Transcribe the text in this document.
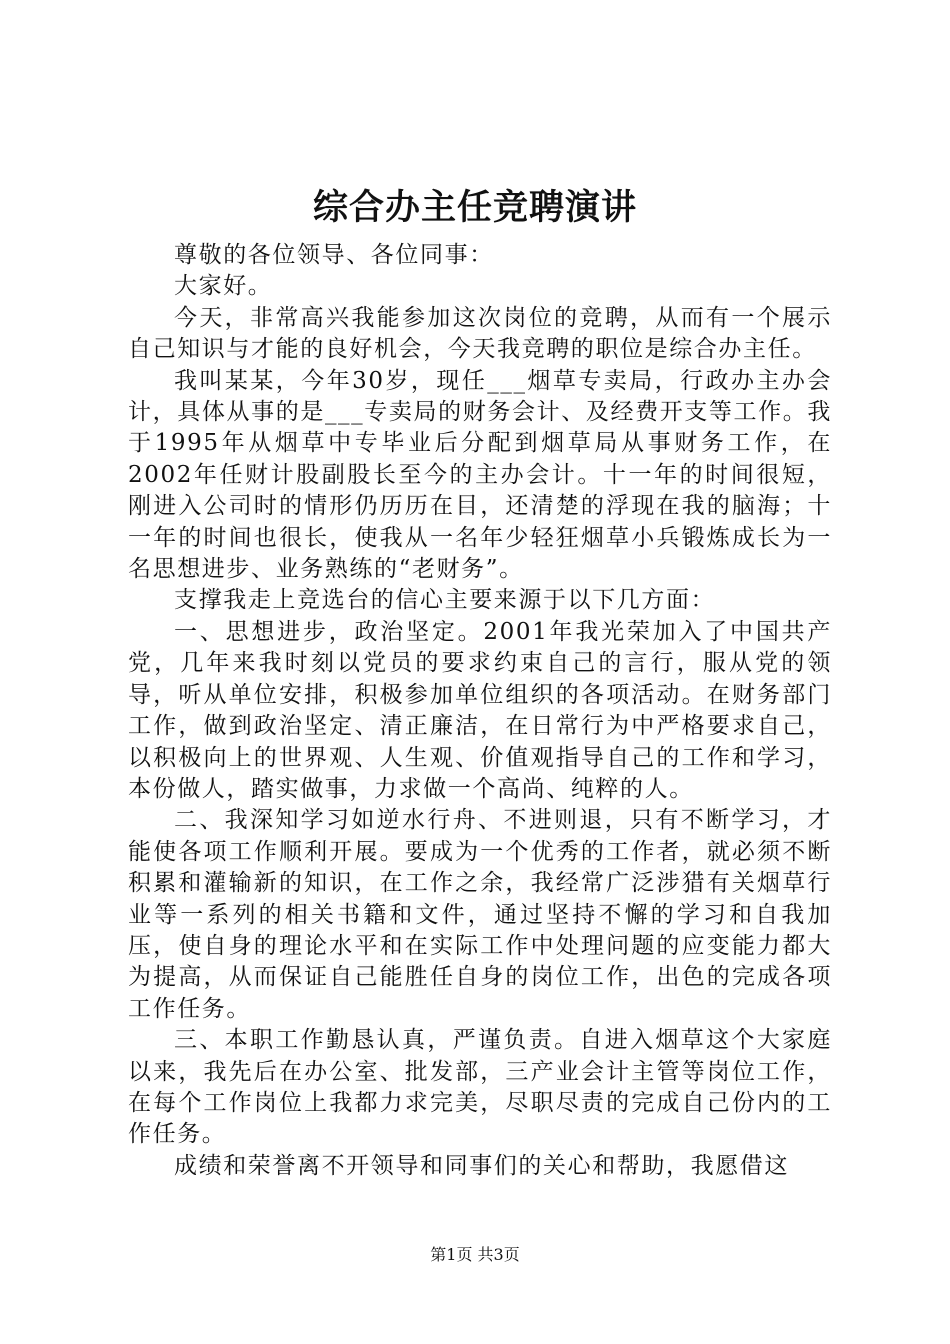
综合办主任竞聘演讲

尊敬的各位领导、各位同事：

大家好。

今天，非常高兴我能参加这次岗位的竞聘，从而有一个展示自己知识与才能的良好机会，今天我竞聘的职位是综合办主任。

我叫某某，今年30岁，现任___烟草专卖局，行政办主办会计，具体从事的是___专卖局的财务会计、及经费开支等工作。我于1995年从烟草中专毕业后分配到烟草局从事财务工作，在2002年任财计股副股长至今的主办会计。十一年的时间很短，刚进入公司时的情形仍历历在目，还清楚的浮现在我的脑海；十一年的时间也很长，使我从一名年少轻狂烟草小兵锻炼成长为一名思想进步、业务熟练的“老财务”。

支撑我走上竞选台的信心主要来源于以下几方面：

一、思想进步，政治坚定。2001年我光荣加入了中国共产党，几年来我时刻以党员的要求约束自己的言行，服从党的领导，听从单位安排，积极参加单位组织的各项活动。在财务部门工作，做到政治坚定、清正廉洁，在日常行为中严格要求自己，以积极向上的世界观、人生观、价值观指导自己的工作和学习，本份做人，踏实做事，力求做一个高尚、纯粹的人。

二、我深知学习如逆水行舟、不进则退，只有不断学习，才能使各项工作顺利开展。要成为一个优秀的工作者，就必须不断积累和灌输新的知识，在工作之余，我经常广泛涉猎有关烟草行业等一系列的相关书籍和文件，通过坚持不懈的学习和自我加压，使自身的理论水平和在实际工作中处理问题的应变能力都大为提高，从而保证自己能胜任自身的岗位工作，出色的完成各项工作任务。

三、本职工作勤恳认真，严谨负责。自进入烟草这个大家庭以来，我先后在办公室、批发部，三产业会计主管等岗位工作，在每个工作岗位上我都力求完美，尽职尽责的完成自己份内的工作任务。

成绩和荣誉离不开领导和同事们的关心和帮助，我愿借这

第1页 共3页
